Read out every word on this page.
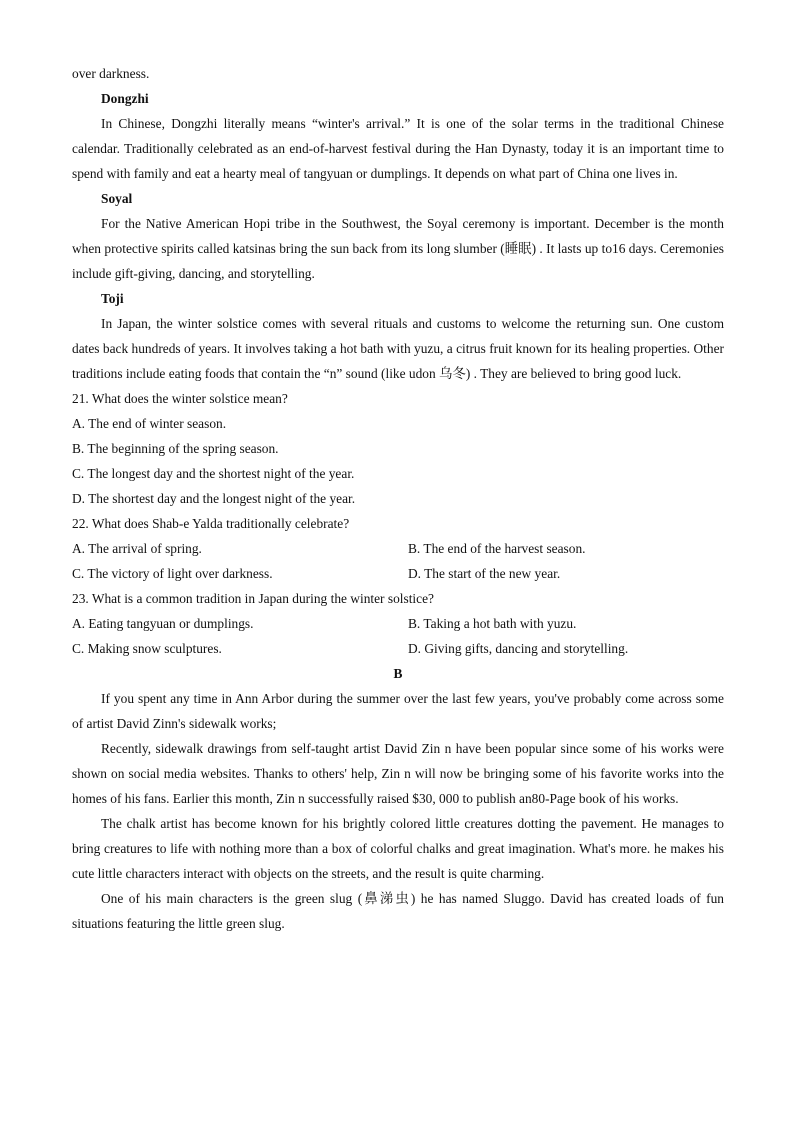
over darkness.

Dongzhi

In Chinese, Dongzhi literally means “winter's arrival.” It is one of the solar terms in the traditional Chinese calendar. Traditionally celebrated as an end-of-harvest festival during the Han Dynasty, today it is an important time to spend with family and eat a hearty meal of tangyuan or dumplings. It depends on what part of China one lives in.

Soyal

For the Native American Hopi tribe in the Southwest, the Soyal ceremony is important. December is the month when protective spirits called katsinas bring the sun back from its long slumber (睡眠) . It lasts up to16 days. Ceremonies include gift-giving, dancing, and storytelling.

Toji

In Japan, the winter solstice comes with several rituals and customs to welcome the returning sun. One custom dates back hundreds of years. It involves taking a hot bath with yuzu, a citrus fruit known for its healing properties. Other traditions include eating foods that contain the “n” sound (like udon 乌冬) . They are believed to bring good luck.

21. What does the winter solstice mean?

A. The end of winter season.

B. The beginning of the spring season.

C. The longest day and the shortest night of the year.

D. The shortest day and the longest night of the year.

22. What does Shab-e Yalda traditionally celebrate?

A. The arrival of spring.	B. The end of the harvest season.
C. The victory of light over darkness.	D. The start of the new year.

23. What is a common tradition in Japan during the winter solstice?

A. Eating tangyuan or dumplings.	B. Taking a hot bath with yuzu.
C. Making snow sculptures.	D. Giving gifts, dancing and storytelling.

B

If you spent any time in Ann Arbor during the summer over the last few years, you've probably come across some of artist David Zinn's sidewalk works;

Recently, sidewalk drawings from self-taught artist David Zin n have been popular since some of his works were shown on social media websites. Thanks to others' help, Zin n will now be bringing some of his favorite works into the homes of his fans. Earlier this month, Zin n successfully raised $30, 000 to publish an80-Page book of his works.

The chalk artist has become known for his brightly colored little creatures dotting the pavement. He manages to bring creatures to life with nothing more than a box of colorful chalks and great imagination. What's more. he makes his cute little characters interact with objects on the streets, and the result is quite charming.

One of his main characters is the green slug (鼻涕虫) he has named Sluggo. David has created loads of fun situations featuring the little green slug.
